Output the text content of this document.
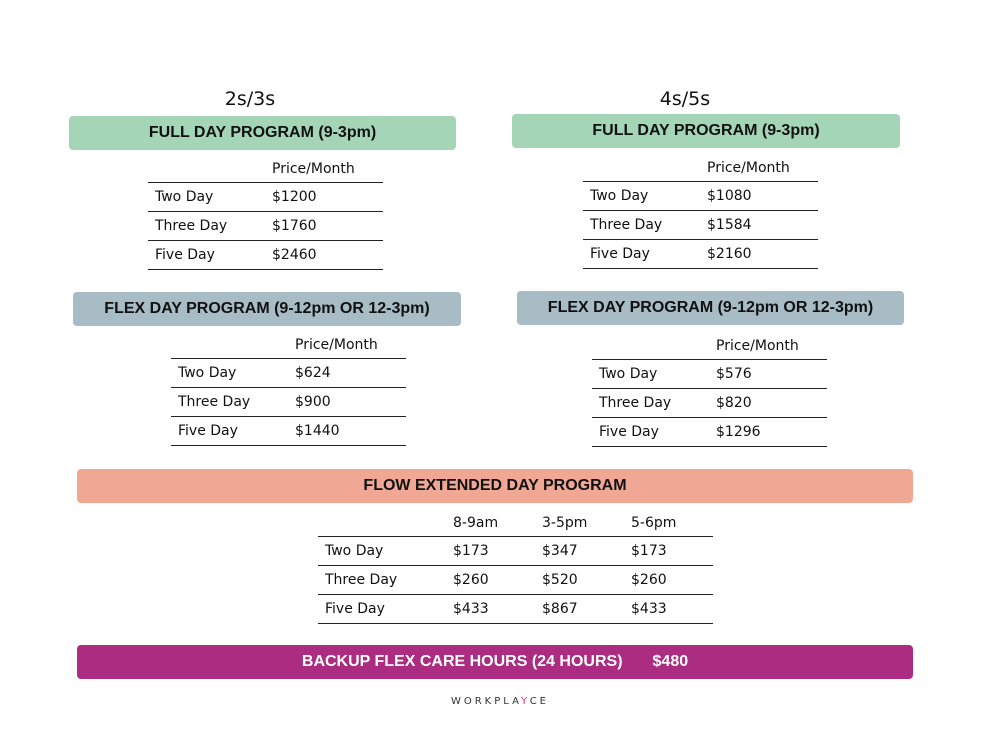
2s/3s	4s/5s
FULL DAY PROGRAM (9-3pm)	FULL DAY PROGRAM (9-3pm)
	Price/Month
Two Day	$1200
Three Day	$1760
Five Day	$2460
	Price/Month
Two Day	$1080
Three Day	$1584
Five Day	$2160
FLEX DAY PROGRAM (9-12pm OR 12-3pm)	FLEX DAY PROGRAM (9-12pm OR 12-3pm)
	Price/Month
Two Day	$624
Three Day	$900
Five Day	$1440
	Price/Month
Two Day	$576
Three Day	$820
Five Day	$1296
FLOW EXTENDED DAY PROGRAM
	8-9am	3-5pm	5-6pm
Two Day	$173	$347	$173
Three Day	$260	$520	$260
Five Day	$433	$867	$433
BACKUP FLEX CARE HOURS (24 HOURS) $480
WORKPLAYCE
